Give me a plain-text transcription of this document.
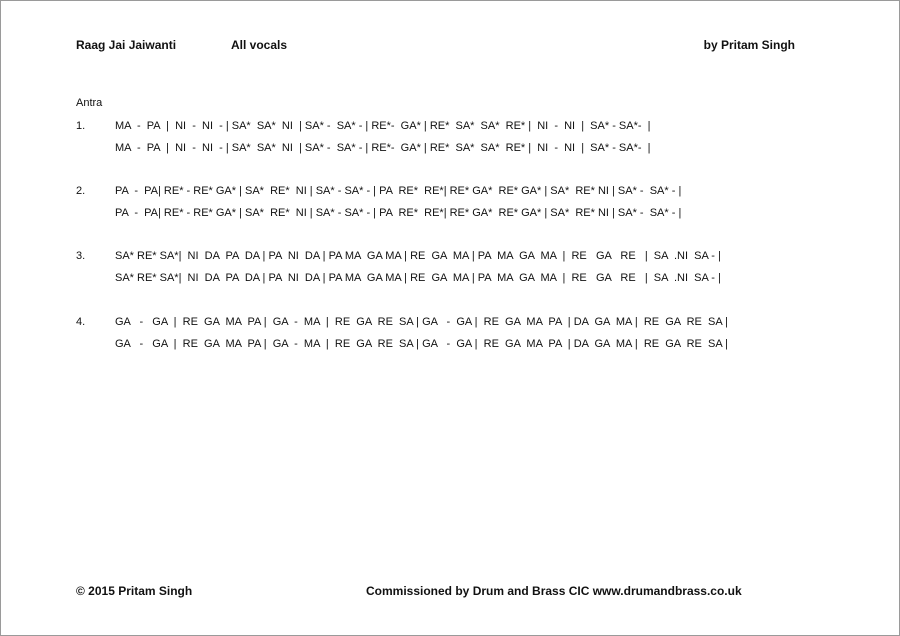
Raag Jai Jaiwanti	All vocals	by Pritam Singh
Antra
1.	MA  -  PA  |  NI  -  NI  - | SA*  SA*  NI  | SA* -  SA* - | RE*-  GA* | RE*  SA*  SA*  RE* |  NI  -  NI  |  SA* - SA*-  |
MA  -  PA  |  NI  -  NI  - | SA*  SA*  NI  | SA* -  SA* - | RE*-  GA* | RE*  SA*  SA*  RE* |  NI  -  NI  |  SA* - SA*-  |
2.	PA  -  PA| RE* - RE* GA* | SA*  RE*  NI | SA* - SA* - | PA  RE*  RE*| RE* GA*  RE* GA* | SA*  RE* NI | SA* -  SA* - |
PA  -  PA| RE* - RE* GA* | SA*  RE*  NI | SA* - SA* - | PA  RE*  RE*| RE* GA*  RE* GA* | SA*  RE* NI | SA* -  SA* - |
3.	SA* RE* SA*|  NI  DA  PA  DA | PA  NI  DA | PA MA  GA MA | RE  GA  MA | PA  MA  GA  MA  |  RE   GA   RE   |  SA  .NI  SA - |
SA* RE* SA*|  NI  DA  PA  DA | PA  NI  DA | PA MA  GA MA | RE  GA  MA | PA  MA  GA  MA  |  RE   GA   RE   |  SA  .NI  SA - |
4.	GA   -   GA  |  RE  GA  MA  PA |  GA  -  MA  |  RE  GA  RE  SA | GA   -  GA |  RE  GA  MA  PA  | DA  GA  MA |  RE  GA  RE  SA |
GA   -   GA  |  RE  GA  MA  PA |  GA  -  MA  |  RE  GA  RE  SA | GA   -  GA |  RE  GA  MA  PA  | DA  GA  MA |  RE  GA  RE  SA |
© 2015 Pritam Singh	Commissioned by Drum and Brass CIC www.drumandbrass.co.uk
